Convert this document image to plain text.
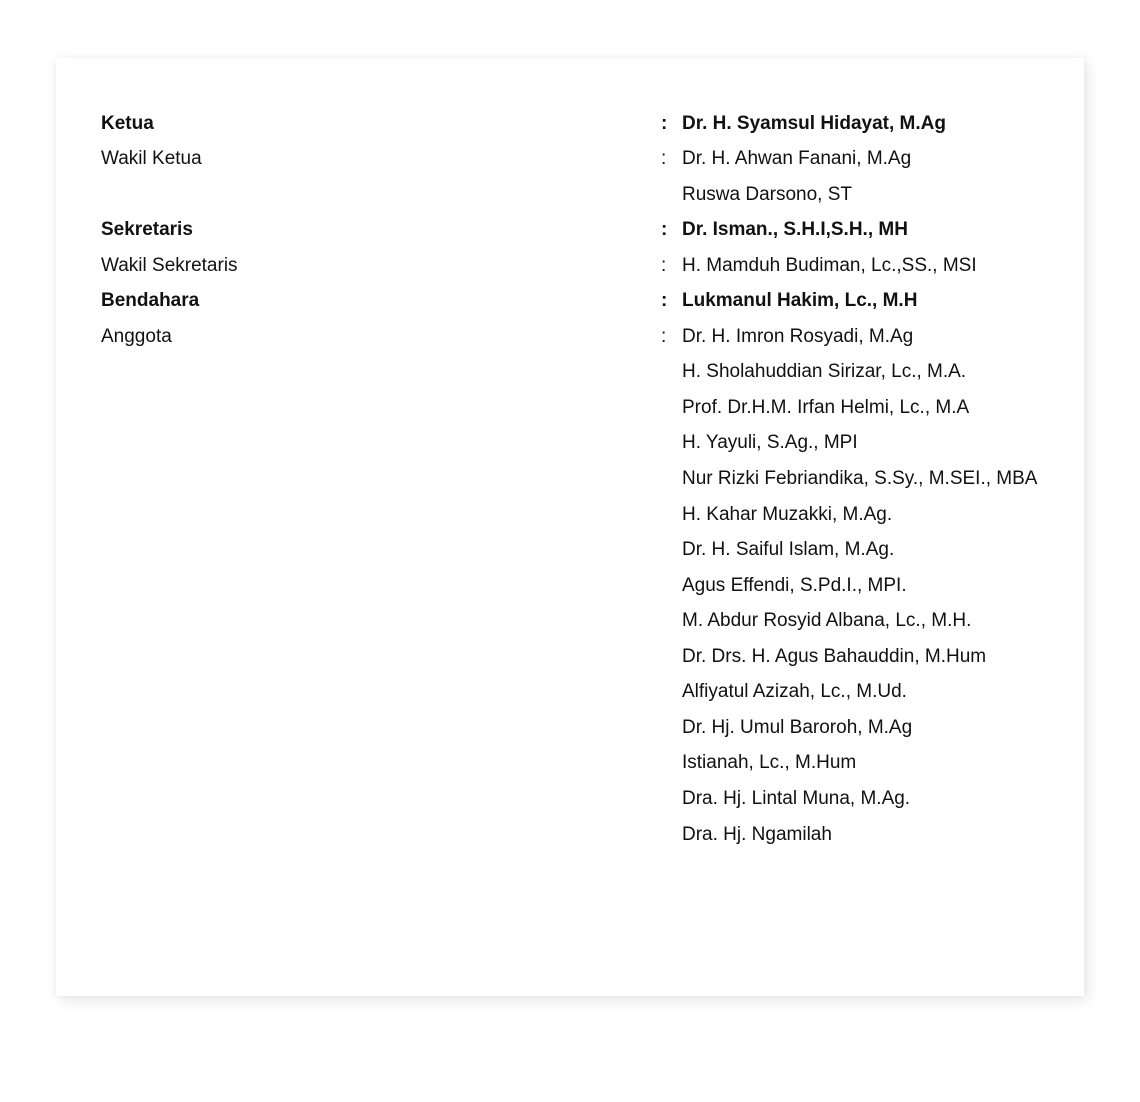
Ketua	: Dr. H. Syamsul Hidayat, M.Ag
Wakil Ketua	: Dr. H. Ahwan Fanani, M.Ag
Ruswa Darsono, ST
Sekretaris	: Dr. Isman., S.H.I,S.H., MH
Wakil Sekretaris	: H. Mamduh Budiman, Lc.,SS., MSI
Bendahara	: Lukmanul Hakim, Lc., M.H
Anggota	: Dr. H. Imron Rosyadi, M.Ag
H. Sholahuddian Sirizar, Lc., M.A.
Prof. Dr.H.M. Irfan Helmi, Lc., M.A
H. Yayuli, S.Ag., MPI
Nur Rizki Febriandika, S.Sy., M.SEI., MBA
H. Kahar Muzakki, M.Ag.
Dr. H. Saiful Islam, M.Ag.
Agus Effendi, S.Pd.I., MPI.
M. Abdur Rosyid Albana, Lc., M.H.
Dr. Drs. H. Agus Bahauddin, M.Hum
Alfiyatul Azizah, Lc., M.Ud.
Dr. Hj. Umul Baroroh, M.Ag
Istianah, Lc., M.Hum
Dra. Hj. Lintal Muna, M.Ag.
Dra. Hj. Ngamilah
